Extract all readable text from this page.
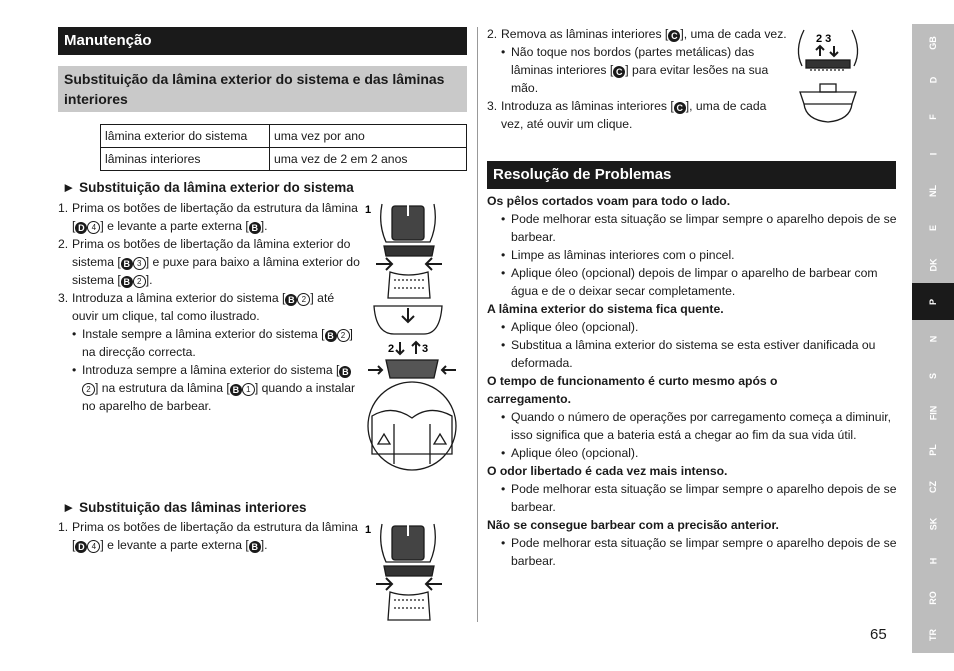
Manutenção
Substituição da lâmina exterior do sistema e das lâminas interiores
lâmina exterior do sistema	uma vez por ano
lâminas interiores	uma vez de 2 em 2 anos
► Substituição da lâmina exterior do sistema
1. Prima os botões de libertação da estrutura da lâmina [ D 4 ] e levante a parte externa [ B ].
2. Prima os botões de libertação da lâmina exterior do sistema [ B 3 ] e puxe para baixo a lâmina exterior do sistema [ B 2 ].
3. Introduza a lâmina exterior do sistema [ B 2 ] até ouvir um clique, tal como ilustrado.
• Instale sempre a lâmina exterior do sistema [ B 2 ] na direcção correcta.
• Introduza sempre a lâmina exterior do sistema [ B2 ] na estrutura da lâmina [ B 1 ] quando a instalar no aparelho de barbear.
1
2	3
► Substituição das lâminas interiores
1. Prima os botões de libertação da estrutura da lâmina [ D 4 ] e levante a parte externa [ B ].
1
2. Remova as lâminas interiores [ C ], uma de cada vez.
• Não toque nos bordos (partes metálicas) das lâminas interiores [ C ] para evitar lesões na sua mão.
3. Introduza as lâminas interiores [ C ], uma de cada vez, até ouvir um clique.
2 3
Resolução de Problemas
Os pêlos cortados voam para todo o lado.
• Pode melhorar esta situação se limpar sempre o aparelho depois de se barbear.
• Limpe as lâminas interiores com o pincel.
• Aplique óleo (opcional) depois de limpar o aparelho de barbear com água e de o deixar secar completamente.
A lâmina exterior do sistema fica quente.
• Aplique óleo (opcional).
• Substitua a lâmina exterior do sistema se esta estiver danificada ou deformada.
O tempo de funcionamento é curto mesmo após o carregamento.
• Quando o número de operações por carregamento começa a diminuir, isso significa que a bateria está a chegar ao fim da sua vida útil.
• Aplique óleo (opcional).
O odor libertado é cada vez mais intenso.
• Pode melhorar esta situação se limpar sempre o aparelho depois de se barbear.
Não se consegue barbear com a precisão anterior.
• Pode melhorar esta situação se limpar sempre o aparelho depois de se barbear.
GB
D
F
I
NL
E
DK
P
N
S
FIN
PL
CZ
SK
H
RO
TR
65
